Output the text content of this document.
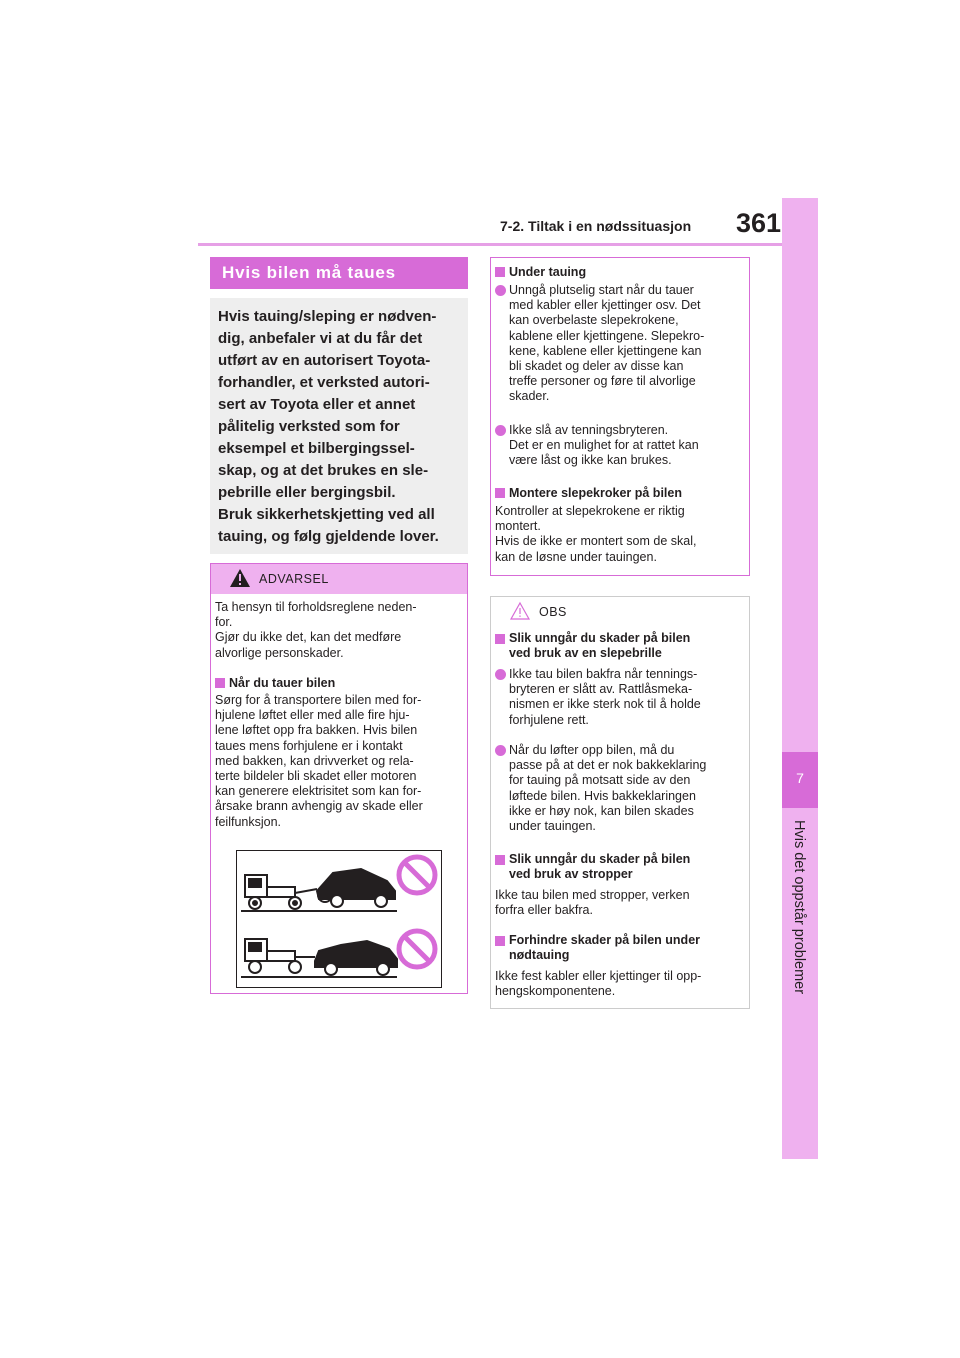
7-2. Tiltak i en nødssituasjon 361
7
Hvis det oppstår problemer
Hvis bilen må taues

Hvis tauing/sleping er nødven-
dig, anbefaler vi at du får det
utført av en autorisert Toyota-
forhandler, et verksted autori-
sert av Toyota eller et annet
pålitelig verksted som for
eksempel et bilbergingssel-
skap, og at det brukes en sle-
pebrille eller bergingsbil.

Bruk sikkerhetskjetting ved all
tauing, og følg gjeldende lover.

ADVARSEL

Ta hensyn til forholdsreglene neden-
for.
Gjør du ikke det, kan det medføre
alvorlige personskader.

Når du tauer bilen

Sørg for å transportere bilen med for-
hjulene løftet eller med alle fire hju-
lene løftet opp fra bakken. Hvis bilen
taues mens forhjulene er i kontakt
med bakken, kan drivverket og rela-
terte bildeler bli skadet eller motoren
kan generere elektrisitet som kan for-
årsake brann avhengig av skade eller
feilfunksjon.

Under tauing

Unngå plutselig start når du tauer
med kabler eller kjettinger osv. Det
kan overbelaste slepekrokene,
kablene eller kjettingene. Slepekro-
kene, kablene eller kjettingene kan
bli skadet og deler av disse kan
treffe personer og føre til alvorlige
skader.

Ikke slå av tenningsbryteren.
Det er en mulighet for at rattet kan
være låst og ikke kan brukes.

Montere slepekroker på bilen

Kontroller at slepekrokene er riktig
montert.
Hvis de ikke er montert som de skal,
kan de løsne under tauingen.

OBS

Slik unngår du skader på bilen
ved bruk av en slepebrille

Ikke tau bilen bakfra når tennings-
bryteren er slått av. Rattlåsmeka-
nismen er ikke sterk nok til å holde
forhjulene rett.

Når du løfter opp bilen, må du
passe på at det er nok bakkeklaring
for tauing på motsatt side av den
løftede bilen. Hvis bakkeklaringen
ikke er høy nok, kan bilen skades
under tauingen.

Slik unngår du skader på bilen
ved bruk av stropper

Ikke tau bilen med stropper, verken
forfra eller bakfra.

Forhindre skader på bilen under
nødtauing

Ikke fest kabler eller kjettinger til opp-
hengskomponentene.
